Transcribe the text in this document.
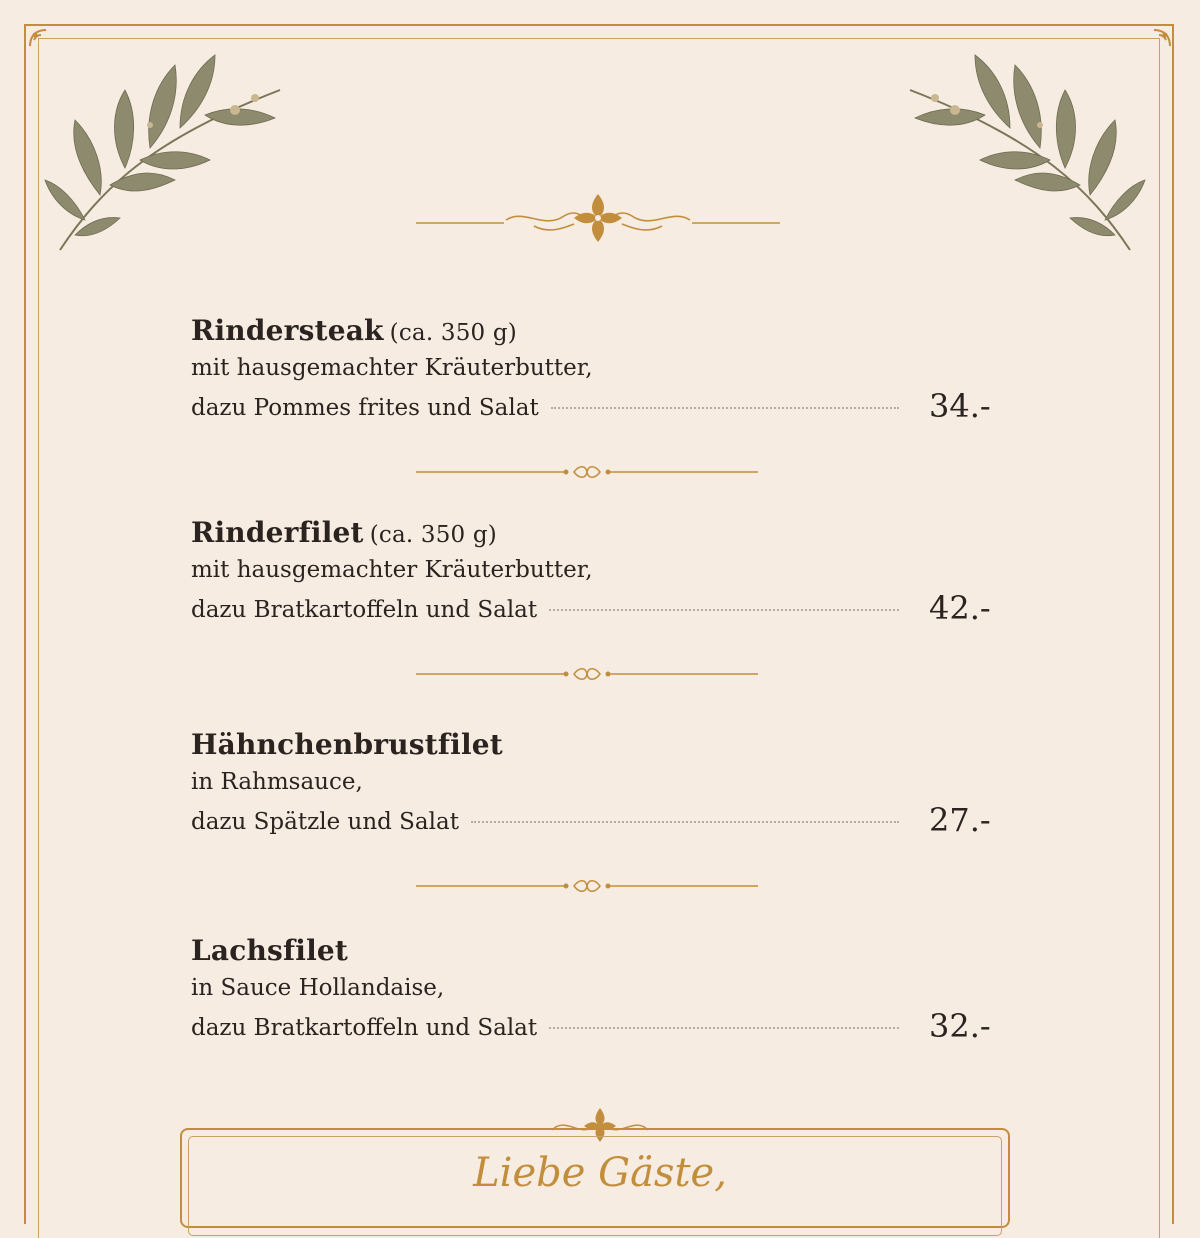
Rindersteak (ca. 350 g)
mit hausgemachter Kräuterbutter,
dazu Pommes frites und Salat	34.-
Rinderfilet (ca. 350 g)
mit hausgemachter Kräuterbutter,
dazu Bratkartoffeln und Salat	42.-
Hähnchenbrustfilet
in Rahmsauce,
dazu Spätzle und Salat	27.-
Lachsfilet
in Sauce Hollandaise,
dazu Bratkartoffeln und Salat	32.-
Liebe Gäste,
